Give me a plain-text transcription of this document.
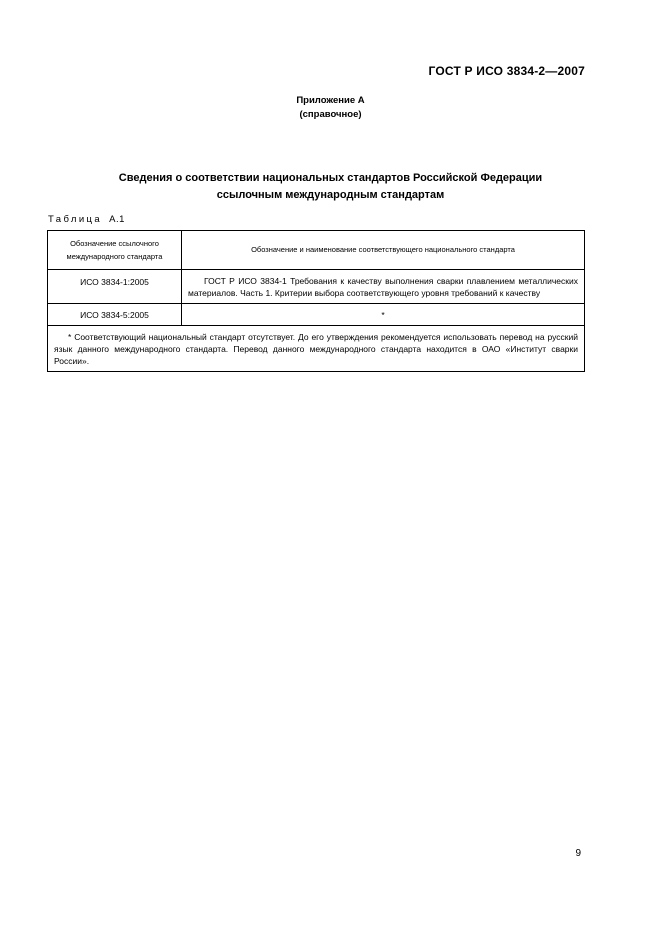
ГОСТ Р ИСО 3834-2—2007
Приложение А
(справочное)
Сведения о соответствии национальных стандартов Российской Федерации
ссылочным международным стандартам
Таблица А.1
Обозначение ссылочного
международного стандарта	Обозначение и наименование соответствующего национального стандарта
ИСО 3834-1:2005	ГОСТ Р ИСО 3834-1 Требования к качеству выполнения сварки плавлением металлических материалов. Часть 1. Критерии выбора соответствующего уровня требований к качеству
ИСО 3834-5:2005	*
* Соответствующий национальный стандарт отсутствует. До его утверждения рекомендуется использовать перевод на русский язык данного международного стандарта. Перевод данного международного стандарта находится в ОАО «Институт сварки России».	
9
